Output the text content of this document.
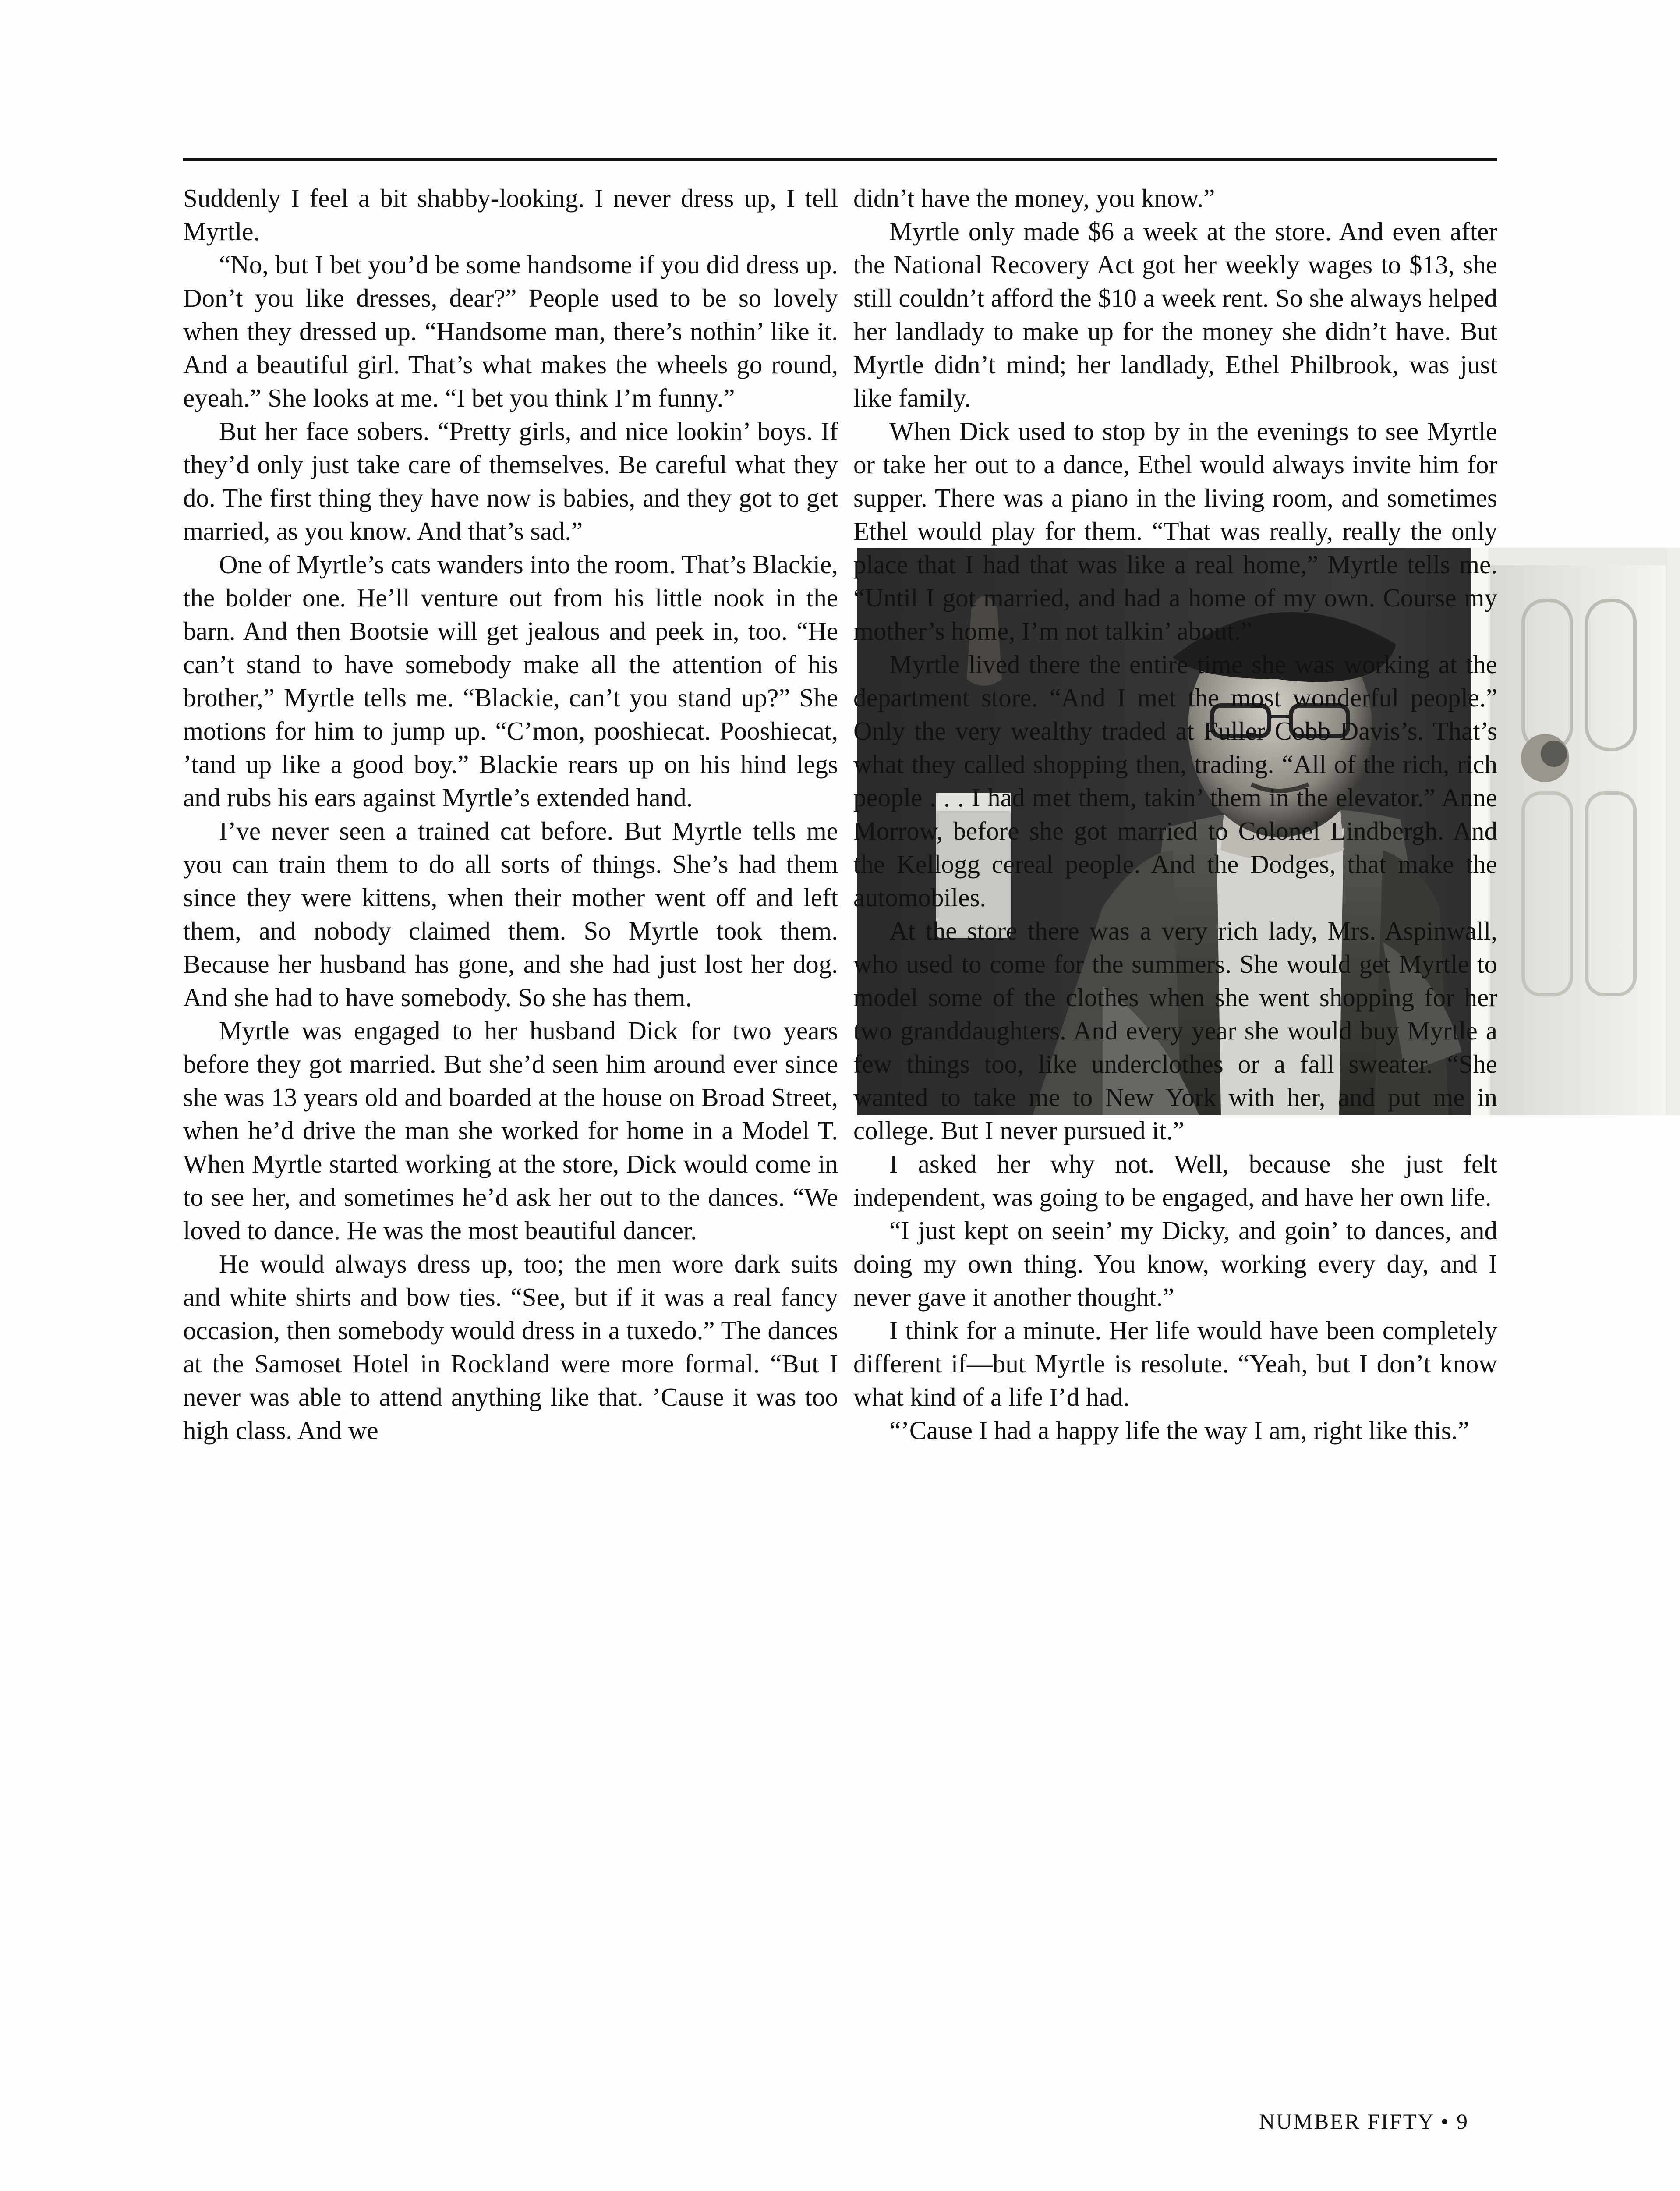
Suddenly I feel a bit shabby-looking. I never dress up, I tell Myrtle.

“No, but I bet you’d be some handsome if you did dress up. Don’t you like dresses, dear?” People used to be so lovely when they dressed up. “Handsome man, there’s nothin’ like it. And a beautiful girl. That’s what makes the wheels go round, eyeah.” She looks at me. “I bet you think I’m funny.”

But her face sobers. “Pretty girls, and nice lookin’ boys. If they’d only just take care of themselves. Be careful what they do. The first thing they have now is babies, and they got to get married, as you know. And that’s sad.”

One of Myrtle’s cats wanders into the room. That’s Blackie, the bolder one. He’ll venture out from his little nook in the barn. And then Bootsie will get jealous and peek in, too. “He can’t stand to have somebody make all the attention of his brother,” Myrtle tells me. “Blackie, can’t you stand up?” She motions for him to jump up. “C’mon, pooshiecat. Pooshiecat, ’tand up like a good boy.” Blackie rears up on his hind legs and rubs his ears against Myrtle’s extended hand.

I’ve never seen a trained cat before. But Myrtle tells me you can train them to do all sorts of things. She’s had them since they were kittens, when their mother went off and left them, and nobody claimed them. So Myrtle took them. Because her husband has gone, and she had just lost her dog. And she had to have somebody. So she has them.

Myrtle was engaged to her husband Dick for two years before they got married. But she’d seen him around ever since she was 13 years old and boarded at the house on Broad Street, when he’d drive the man she worked for home in a Model T. When Myrtle started working at the store, Dick would come in to see her, and sometimes he’d ask her out to the dances. “We loved to dance. He was the most beautiful dancer.

He would always dress up, too; the men wore dark suits and white shirts and bow ties. “See, but if it was a real fancy occasion, then somebody would dress in a tuxedo.” The dances at the Samoset Hotel in Rockland were more formal. “But I never was able to attend anything like that. ’Cause it was too high class. And we

didn’t have the money, you know.”

Myrtle only made $6 a week at the store. And even after the National Recovery Act got her weekly wages to $13, she still couldn’t afford the $10 a week rent. So she always helped her landlady to make up for the money she didn’t have. But Myrtle didn’t mind; her landlady, Ethel Philbrook, was just like family.

When Dick used to stop by in the evenings to see Myrtle or take her out to a dance, Ethel would always invite him for supper. There was a piano in the living room, and sometimes Ethel would play for them. “That was really, really the only place that I had that was like a real home,” Myrtle tells me. “Until I got married, and had a home of my own. Course my mother’s home, I’m not talkin’ about.”

Myrtle lived there the entire time she was working at the department store. “And I met the most wonderful people.” Only the very wealthy traded at Fuller Cobb Davis’s. That’s what they called shopping then, trading. “All of the rich, rich people . . . I had met them, takin’ them in the elevator.” Anne Morrow, before she got married to Colonel Lindbergh. And the Kellogg cereal people. And the Dodges, that make the automobiles.

At the store there was a very rich lady, Mrs. Aspinwall, who used to come for the summers. She would get Myrtle to model some of the clothes when she went shopping for her two granddaughters. And every year she would buy Myrtle a few things too, like underclothes or a fall sweater. “She wanted to take me to New York with her, and put me in college. But I never pursued it.”

I asked her why not. Well, because she just felt independent, was going to be engaged, and have her own life.

“I just kept on seein’ my Dicky, and goin’ to dances, and doing my own thing. You know, working every day, and I never gave it another thought.”

I think for a minute. Her life would have been completely different if—but Myrtle is resolute. “Yeah, but I don’t know what kind of a life I’d had.

“’Cause I had a happy life the way I am, right like this.”

NUMBER FIFTY • 9
